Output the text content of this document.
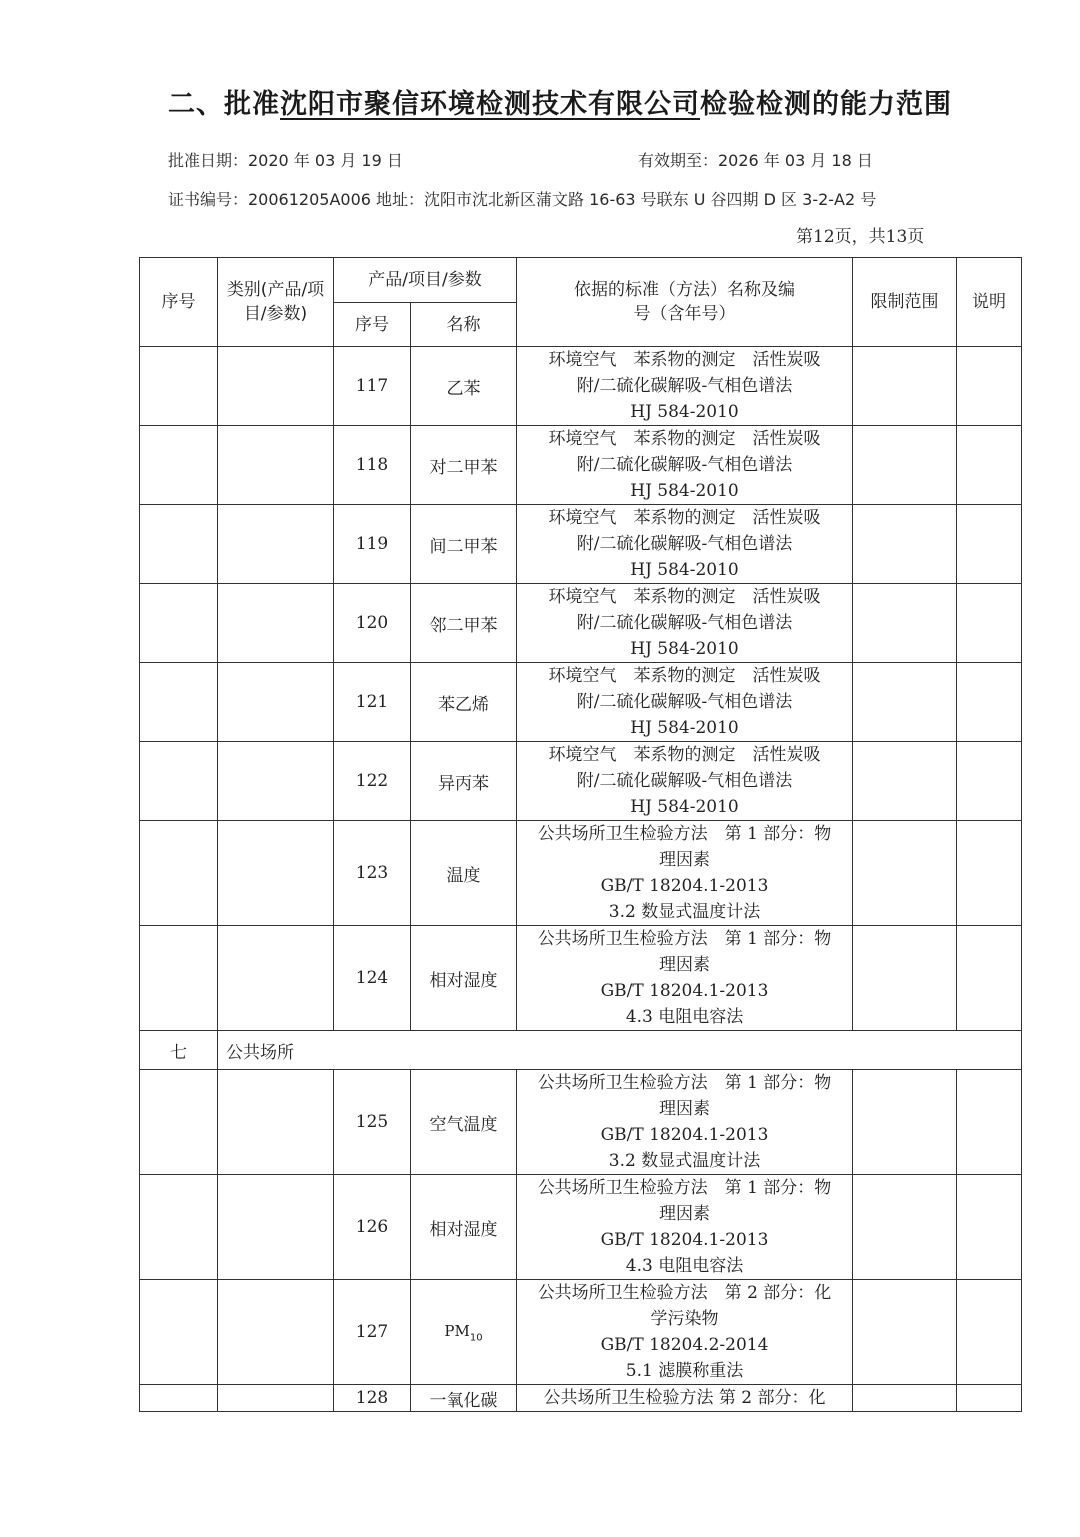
二、批准沈阳市聚信环境检测技术有限公司检验检测的能力范围
批准日期：2020 年 03 月 19 日	有效期至：2026 年 03 月 18 日
证书编号：20061205A006 地址：沈阳市沈北新区蒲文路 16-63 号联东 U 谷四期 D 区 3-2-A2 号
第12页，共13页
序号	类别(产品/项目/参数)	产品/项目/参数		依据的标准（方法）名称及编号（含年号）	限制范围	说明
		序号	名称			
		117	乙苯	环境空气　苯系物的测定　活性炭吸
附/二硫化碳解吸-气相色谱法
HJ 584-2010		

		118	对二甲苯	环境空气　苯系物的测定　活性炭吸
附/二硫化碳解吸-气相色谱法
HJ 584-2010		

		119	间二甲苯	环境空气　苯系物的测定　活性炭吸
附/二硫化碳解吸-气相色谱法
HJ 584-2010		

		120	邻二甲苯	环境空气　苯系物的测定　活性炭吸
附/二硫化碳解吸-气相色谱法
HJ 584-2010		

		121	苯乙烯	环境空气　苯系物的测定　活性炭吸
附/二硫化碳解吸-气相色谱法
HJ 584-2010		

		122	异丙苯	环境空气　苯系物的测定　活性炭吸
附/二硫化碳解吸-气相色谱法
HJ 584-2010		

		123	温度	公共场所卫生检验方法　第 1 部分：物
理因素
GB/T 18204.1-2013
3.2 数显式温度计法		

		124	相对湿度	公共场所卫生检验方法　第 1 部分：物
理因素
GB/T 18204.1-2013
4.3 电阻电容法		

七	公共场所					
		125	空气温度	公共场所卫生检验方法　第 1 部分：物
理因素
GB/T 18204.1-2013
3.2 数显式温度计法		

		126	相对湿度	公共场所卫生检验方法　第 1 部分：物
理因素
GB/T 18204.1-2013
4.3 电阻电容法		

		127	$PM_{10}$	公共场所卫生检验方法　第 2 部分：化
学污染物
GB/T 18204.2-2014
5.1 滤膜称重法		

		128	一氧化碳	公共场所卫生检验方法 第 2 部分：化		
